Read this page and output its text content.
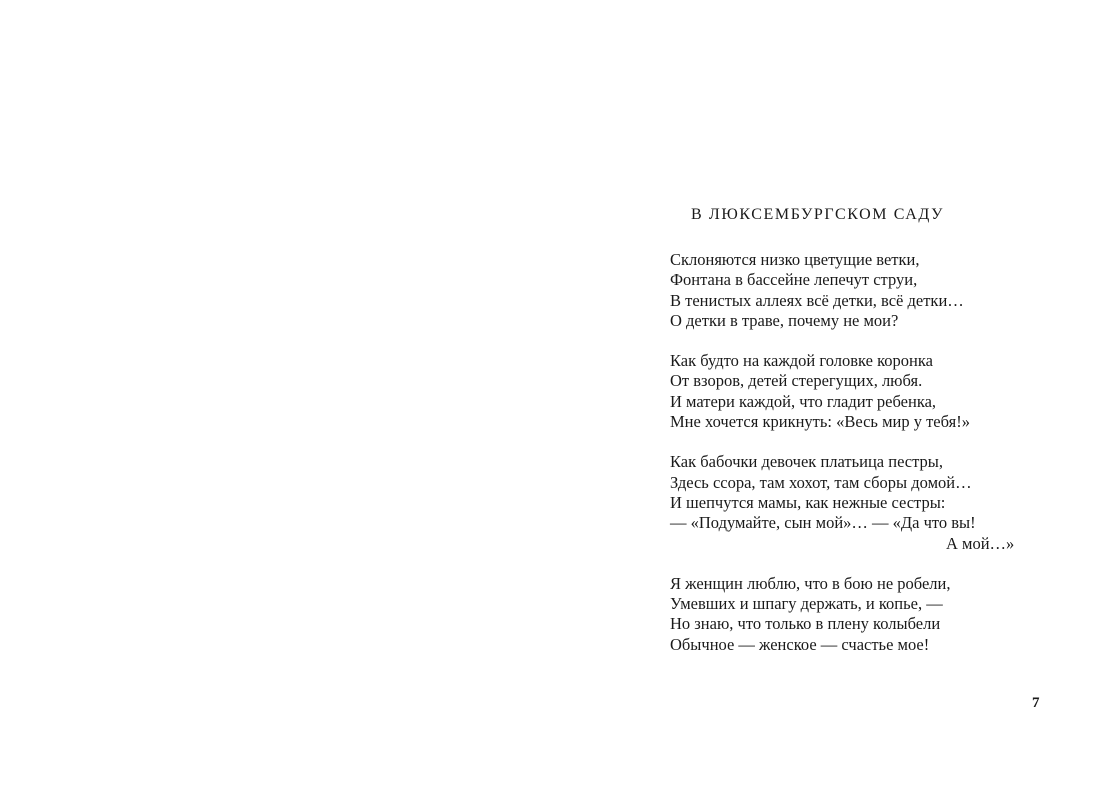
В ЛЮКСЕМБУРГСКОМ САДУ
Склоняются низко цветущие ветки,
Фонтана в бассейне лепечут струи,
В тенистых аллеях всё детки, всё детки…
О детки в траве, почему не мои?
Как будто на каждой головке коронка
От взоров, детей стерегущих, любя.
И матери каждой, что гладит ребенка,
Мне хочется крикнуть: «Весь мир у тебя!»
Как бабочки девочек платьица пестры,
Здесь ссора, там хохот, там сборы домой…
И шепчутся мамы, как нежные сестры:
— «Подумайте, сын мой»… — «Да что вы!
А мой…»
Я женщин люблю, что в бою не робели,
Умевших и шпагу держать, и копье, —
Но знаю, что только в плену колыбели
Обычное — женское — счастье мое!
7
